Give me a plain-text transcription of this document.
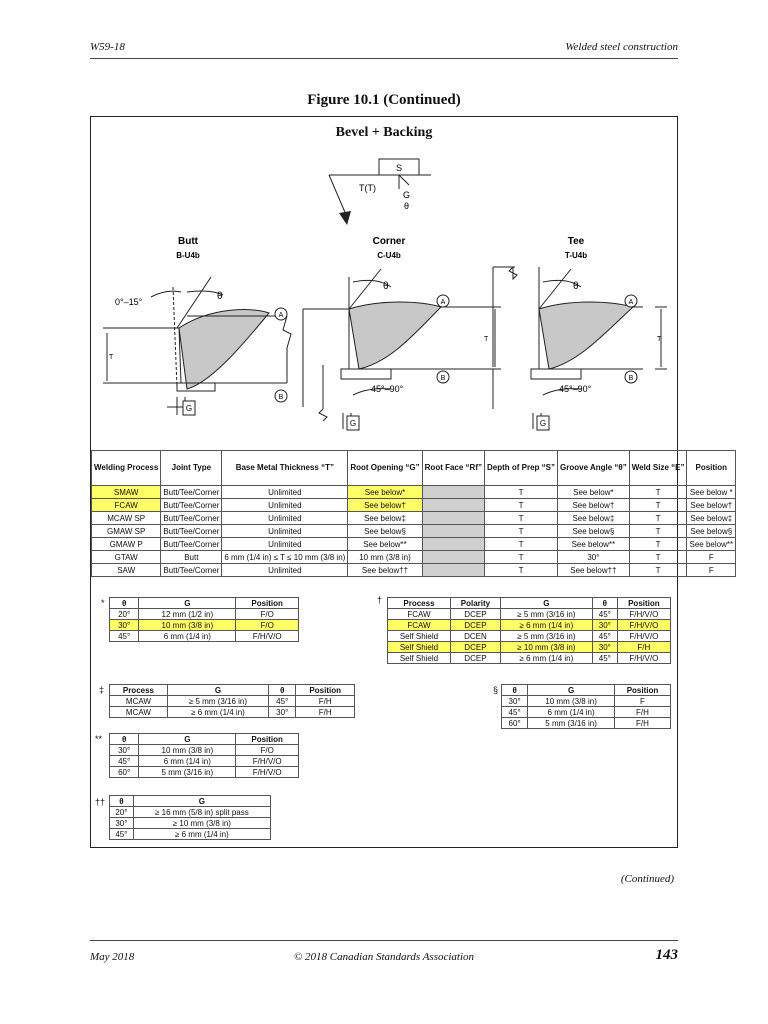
W59-18	Welded steel construction
Figure 10.1 (Continued)
Bevel + Backing
S
T(T)
G
θ
Butt
B-U4b
Corner
C-U4b
Tee
T-U4b
0°–15°	θ
A
B
T
G
θ
45°–90°
A
B
T
G
θ
45°–90°
A
B
T
G
Welding Process	Joint Type	Base Metal Thickness “T”	Root Opening “G”	Root Face “Rf”	Depth of Prep “S”	Groove Angle “θ”	Weld Size “E”	Position
SMAW	Butt/Tee/Corner	Unlimited	See below*		T	See below*	T	See below *
FCAW	Butt/Tee/Corner	Unlimited	See below†		T	See below†	T	See below†
MCAW SP	Butt/Tee/Corner	Unlimited	See below‡		T	See below‡	T	See below‡
GMAW SP	Butt/Tee/Corner	Unlimited	See below§		T	See below§	T	See below§
GMAW P	Butt/Tee/Corner	Unlimited	See below**		T	See below**	T	See below**
GTAW	Butt	6 mm (1/4 in) ≤ T ≤ 10 mm (3/8 in)	10 mm (3/8 in)		T	30°	T	F
SAW	Butt/Tee/Corner	Unlimited	See below††		T	See below††	T	F
* θ	G	Position
20°	12 mm (1/2 in)	F/O
30°	10 mm (3/8 in)	F/O
45°	6 mm (1/4 in)	F/H/V/O
†	Process	Polarity	G	θ	Position
FCAW	DCEP	≥ 5 mm (3/16 in)	45°	F/H/V/O
FCAW	DCEP	≥ 6 mm (1/4 in)	30°	F/H/V/O
Self Shield	DCEN	≥ 5 mm (3/16 in)	45°	F/H/V/O
Self Shield	DCEP	≥ 10 mm (3/8 in)	30°	F/H
Self Shield	DCEP	≥ 6 mm (1/4 in)	45°	F/H/V/O
‡ Process	G	θ	Position
MCAW	≥ 5 mm (3/16 in)	45°	F/H
MCAW	≥ 6 mm (1/4 in)	30°	F/H
§ θ	G	Position
30°	10 mm (3/8 in)	F
45°	6 mm (1/4 in)	F/H
60°	5 mm (3/16 in)	F/H
** θ	G	Position
30°	10 mm (3/8 in)	F/O
45°	6 mm (1/4 in)	F/H/V/O
60°	5 mm (3/16 in)	F/H/V/O
†† θ	G
20°	≥ 16 mm (5/8 in) split pass
30°	≥ 10 mm (3/8 in)
45°	≥ 6 mm (1/4 in)
(Continued)
May 2018	© 2018 Canadian Standards Association	143
